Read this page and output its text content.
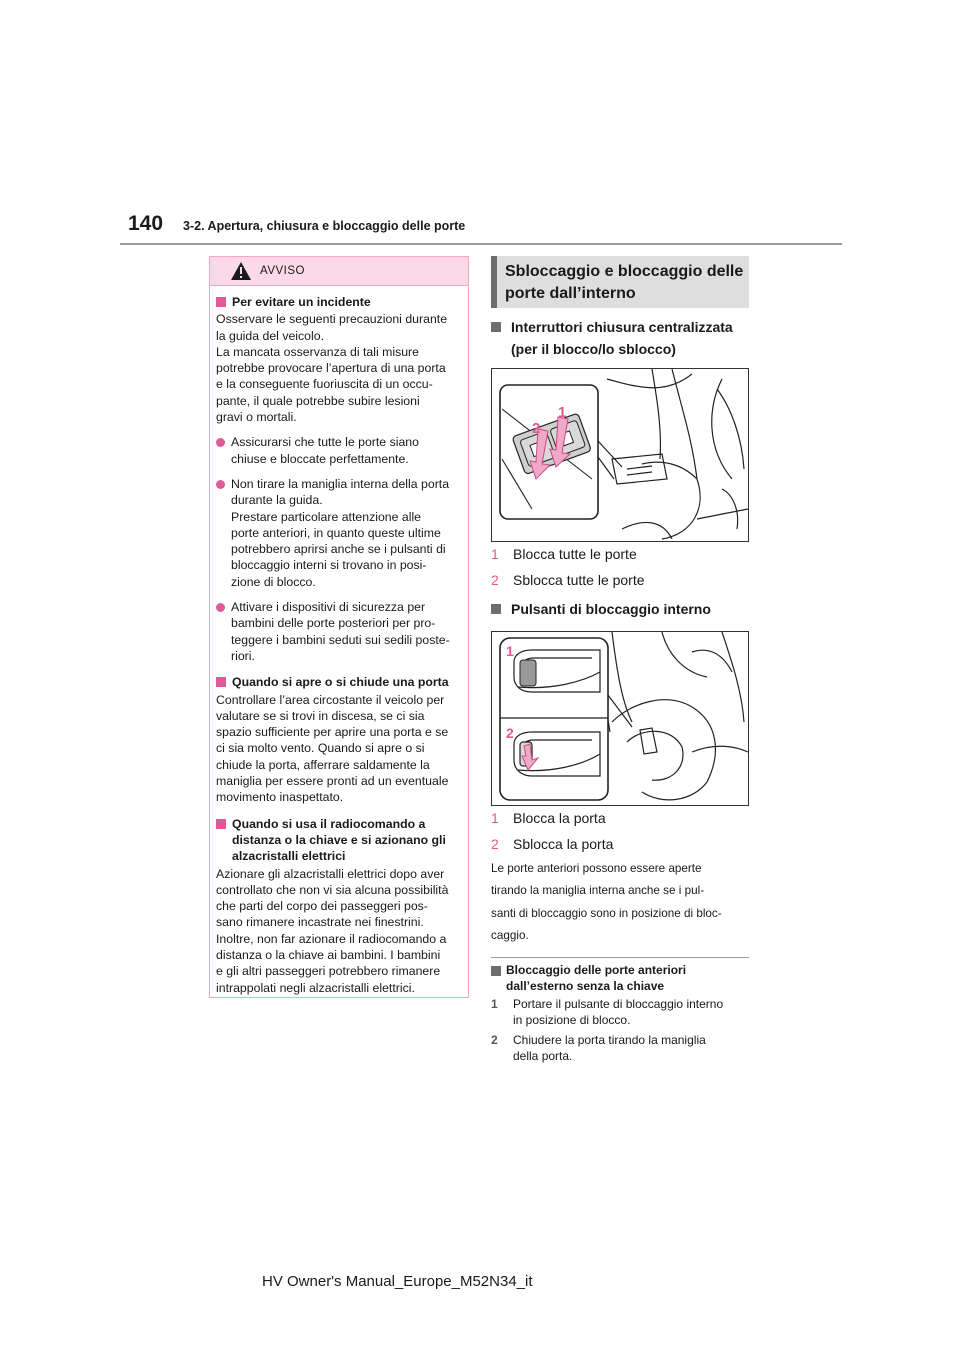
140 3-2. Apertura, chiusura e bloccaggio delle porte
AVVISO
Per evitare un incidente
Osservare le seguenti precauzioni durante
la guida del veicolo.
La mancata osservanza di tali misure
potrebbe provocare l’apertura di una porta
e la conseguente fuoriuscita di un occu-
pante, il quale potrebbe subire lesioni
gravi o mortali.
Assicurarsi che tutte le porte siano
chiuse e bloccate perfettamente.
Non tirare la maniglia interna della porta
durante la guida.
Prestare particolare attenzione alle
porte anteriori, in quanto queste ultime
potrebbero aprirsi anche se i pulsanti di
bloccaggio interni si trovano in posi-
zione di blocco.
Attivare i dispositivi di sicurezza per
bambini delle porte posteriori per pro-
teggere i bambini seduti sui sedili poste-
riori.
Quando si apre o si chiude una porta
Controllare l’area circostante il veicolo per
valutare se si trovi in discesa, se ci sia
spazio sufficiente per aprire una porta e se
ci sia molto vento. Quando si apre o si
chiude la porta, afferrare saldamente la
maniglia per essere pronti ad un eventuale
movimento inaspettato.
Quando si usa il radiocomando a
distanza o la chiave e si azionano gli
alzacristalli elettrici
Azionare gli alzacristalli elettrici dopo aver
controllato che non vi sia alcuna possibilità
che parti del corpo dei passeggeri pos-
sano rimanere incastrate nei finestrini.
Inoltre, non far azionare il radiocomando a
distanza o la chiave ai bambini. I bambini
e gli altri passeggeri potrebbero rimanere
intrappolati negli alzacristalli elettrici.
Sbloccaggio e bloccaggio delle
porte dall’interno
Interruttori chiusura centralizzata
(per il blocco/lo sblocco)
1
2
1	Blocca tutte le porte
2	Sblocca tutte le porte
Pulsanti di bloccaggio interno
1
2
1	Blocca la porta
2	Sblocca la porta
Le porte anteriori possono essere aperte
tirando la maniglia interna anche se i pul-
santi di bloccaggio sono in posizione di bloc-
caggio.
Bloccaggio delle porte anteriori
dall’esterno senza la chiave
1	Portare il pulsante di bloccaggio interno
in posizione di blocco.
2	Chiudere la porta tirando la maniglia
della porta.
HV Owner's Manual_Europe_M52N34_it
